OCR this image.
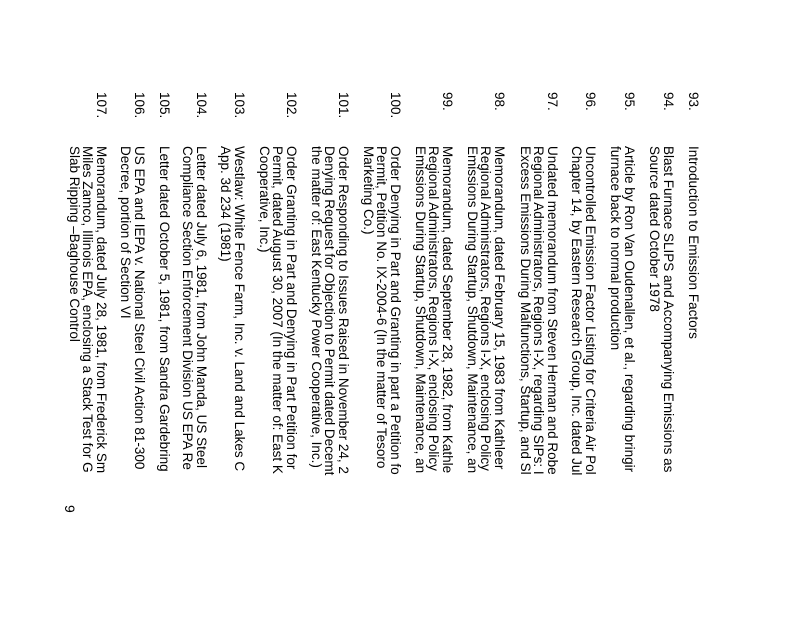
93.
Introduction to Emission Factors
94.
Blast Furnace SLIPS and Accompanying Emissions as
Source dated October 1978
95.
Article by Ron Van Oudenallen, et al., regarding bringir
furnace back to normal production
96.
Uncontrolled Emission Factor Listing for Criteria Air Pol
Chapter 14, by Eastern Research Group, Inc. dated Jul
97.
Undated memorandum from Steven Herman and Robe
Regional Administrators, Regions I-X, regarding SIPs: I
Excess Emissions During Malfunctions, Startup, and Sl
98.
Memorandum, dated February 15, 1983 from Kathleer
Regional Administrators, Regions I-X, enclosing Policy
Emissions During Startup, Shutdown, Maintenance, an
99.
Memorandum, dated September 28, 1982, from Kathle
Regional Administrators, Regions I-X, enclosing Policy
Emissions During Startup, Shutdown, Maintenance, an
100.
Order Denying in Part and Granting in part a Petition fo
Permit, Petition No. IX-2004-6 (In the matter of Tesoro
Marketing Co.)
101.
Order Responding to Issues Raised in November 24, 2
Denying Request for Objection to Permit dated Decemt
the matter of: East Kentucky Power Cooperative, Inc.)
102.
Order Granting in Part and Denying in Part Petition for
Permit, dated August 30, 2007 (In the matter of: East K
Cooperative, Inc.)
103.
Westlaw: White Fence Farm, Inc. v. Land and Lakes C
App. 3d 234 (1981)
104.
Letter dated July 6, 1981, from John Manda, US Steel
Compliance Section Enforcement Division US EPA Re
105.
Letter dated October 5, 1981, from Sandra Gardebring
106.
US EPA and IEPA v. National Steel Civil Action 81-300
Decree, portion of Section VI
107.
Memorandum, dated July 28, 1981, from Frederick Sm
Miles Zamco, Illinois EPA, enclosing a Stack Test for G
Slab Ripping –Baghouse Control
9
